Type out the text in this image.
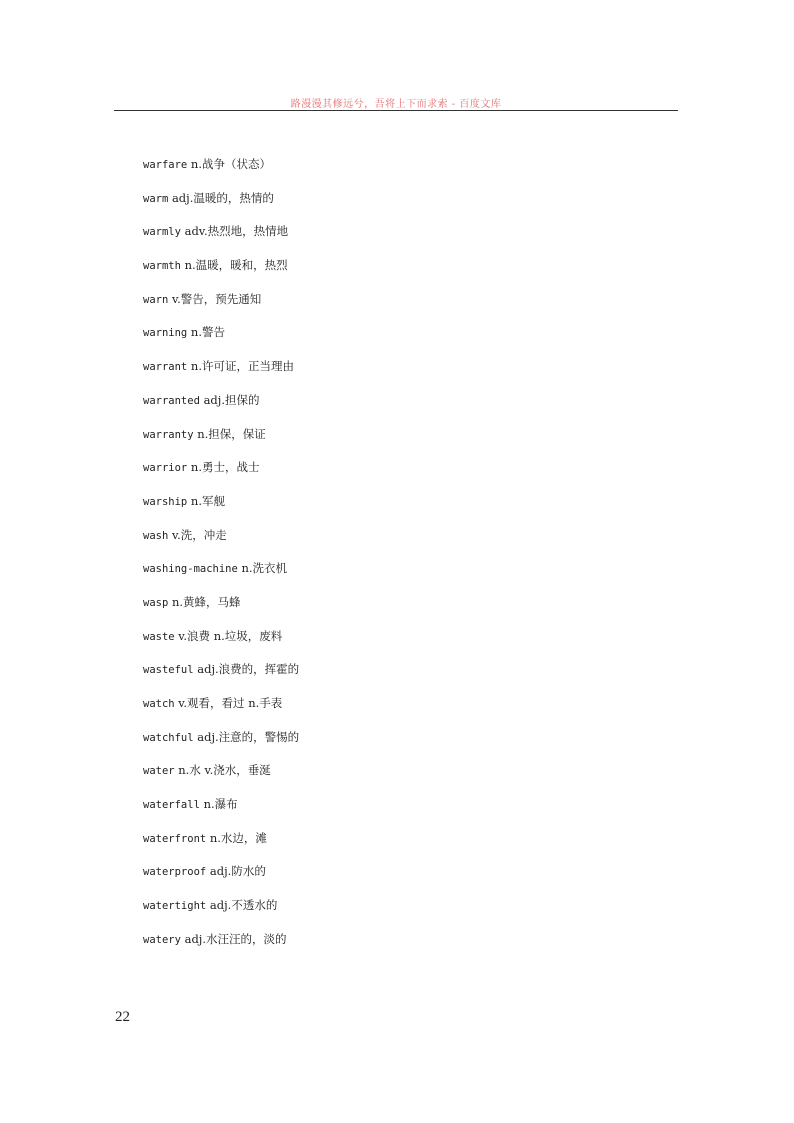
路漫漫其修远兮，吾将上下而求索 - 百度文库
warfare n.战争（状态）
warm adj.温暖的，热情的
warmly adv.热烈地，热情地
warmth n.温暖，暖和，热烈
warn v.警告，预先通知
warning n.警告
warrant n.许可证，正当理由
warranted adj.担保的
warranty n.担保，保证
warrior n.勇士，战士
warship n.军舰
wash v.洗，冲走
washing-machine n.洗衣机
wasp n.黄蜂，马蜂
waste v.浪费 n.垃圾，废料
wasteful adj.浪费的，挥霍的
watch v.观看，看过 n.手表
watchful adj.注意的，警惕的
water n.水 v.浇水，垂涎
waterfall n.瀑布
waterfront n.水边，滩
waterproof adj.防水的
watertight adj.不透水的
watery adj.水汪汪的，淡的
22
